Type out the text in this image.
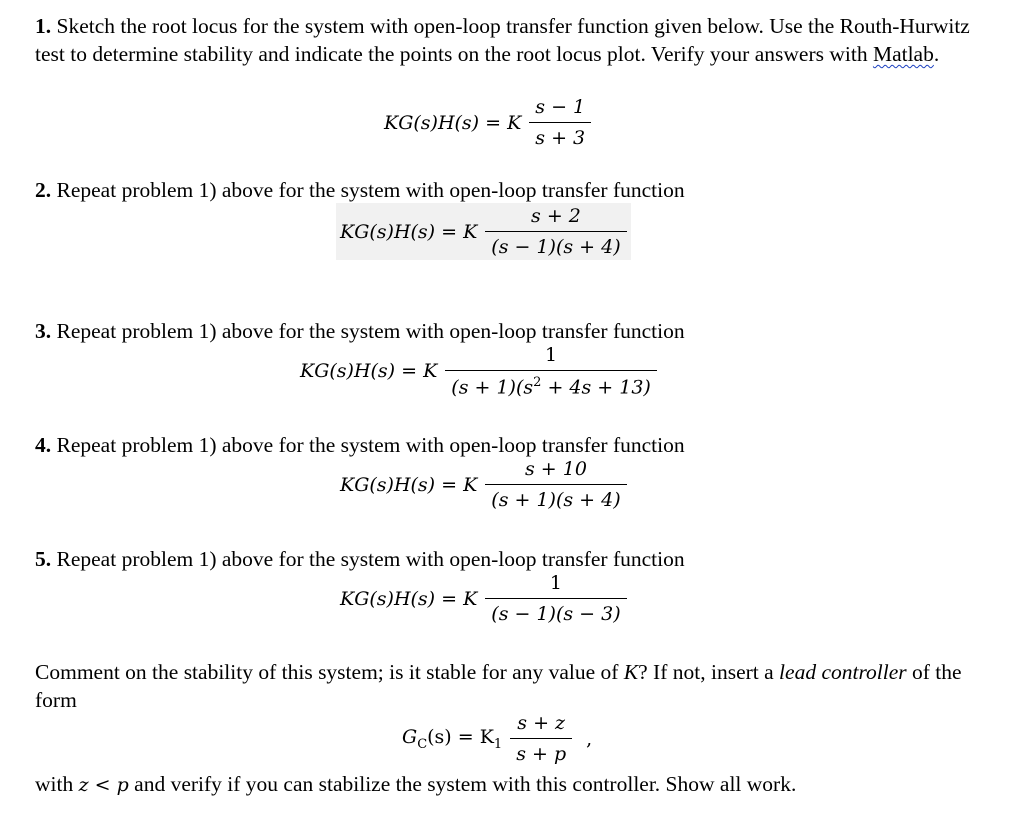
1. Sketch the root locus for the system with open-loop transfer function given below. Use the Routh-Hurwitz test to determine stability and indicate the points on the root locus plot. Verify your answers with Matlab.
KG(s)H(s) = K $\frac{s - 1}{s + 3}$
2. Repeat problem 1) above for the system with open-loop transfer function
KG(s)H(s) = K $\frac{s + 2}{(s - 1)(s + 4)}$
3. Repeat problem 1) above for the system with open-loop transfer function
KG(s)H(s) = K $\frac{1}{(s + 1)(s^2 + 4s + 13)}$
4. Repeat problem 1) above for the system with open-loop transfer function
KG(s)H(s) = K $\frac{s + 10}{(s + 1)(s + 4)}$
5. Repeat problem 1) above for the system with open-loop transfer function
KG(s)H(s) = K $\frac{1}{(s - 1)(s - 3)}$
Comment on the stability of this system; is it stable for any value of K? If not, insert a lead controller of the form
$G_C(s) = K_1 \frac{s + z}{s + p}$ ,
with z < p and verify if you can stabilize the system with this controller. Show all work.
